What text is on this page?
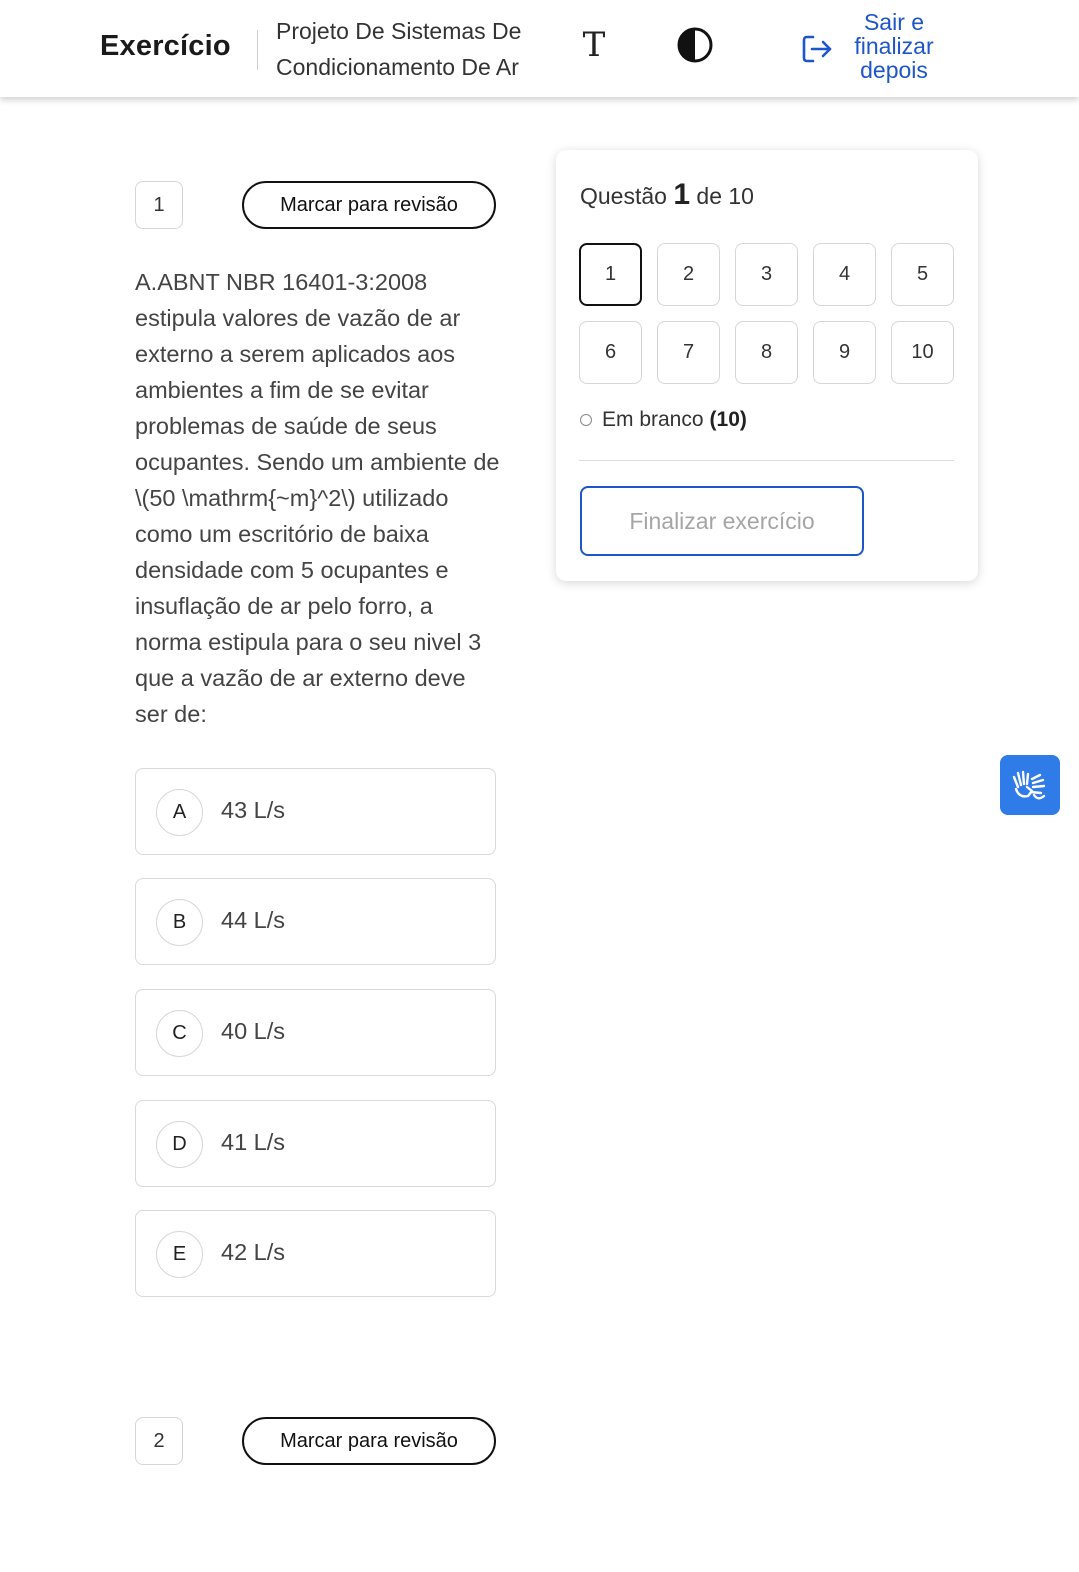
Exercício Projeto De Sistemas De Condicionamento De Ar
T
Sair e finalizar depois
1	Marcar para revisão
A.ABNT NBR 16401-3:2008 estipula valores de vazão de ar externo a serem aplicados aos ambientes a fim de se evitar problemas de saúde de seus ocupantes. Sendo um ambiente de \(50 \mathrm{~m}^2\) utilizado como um escritório de baixa densidade com 5 ocupantes e insuflação de ar pelo forro, a norma estipula para o seu nivel 3 que a vazão de ar externo deve ser de:
A	43 L/s
B	44 L/s
C	40 L/s
D	41 L/s
E	42 L/s
2	Marcar para revisão
Questão 1 de 10
1	2	3	4	5
6	7	8	9	10
Em branco (10)
Finalizar exercício
